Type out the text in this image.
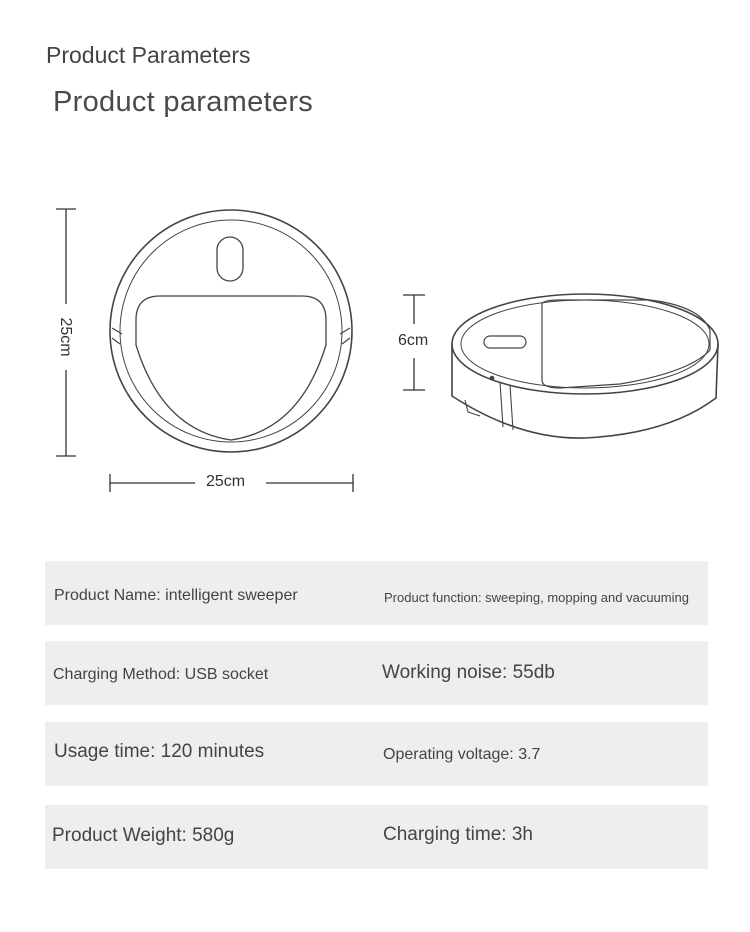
Product Parameters
Product parameters
25cm
25cm
6cm
Product Name: intelligent sweeper	Product function: sweeping, mopping and vacuuming
Charging Method: USB socket	Working noise: 55db
Usage time: 120 minutes	Operating voltage: 3.7
Product Weight: 580g	Charging time: 3h
